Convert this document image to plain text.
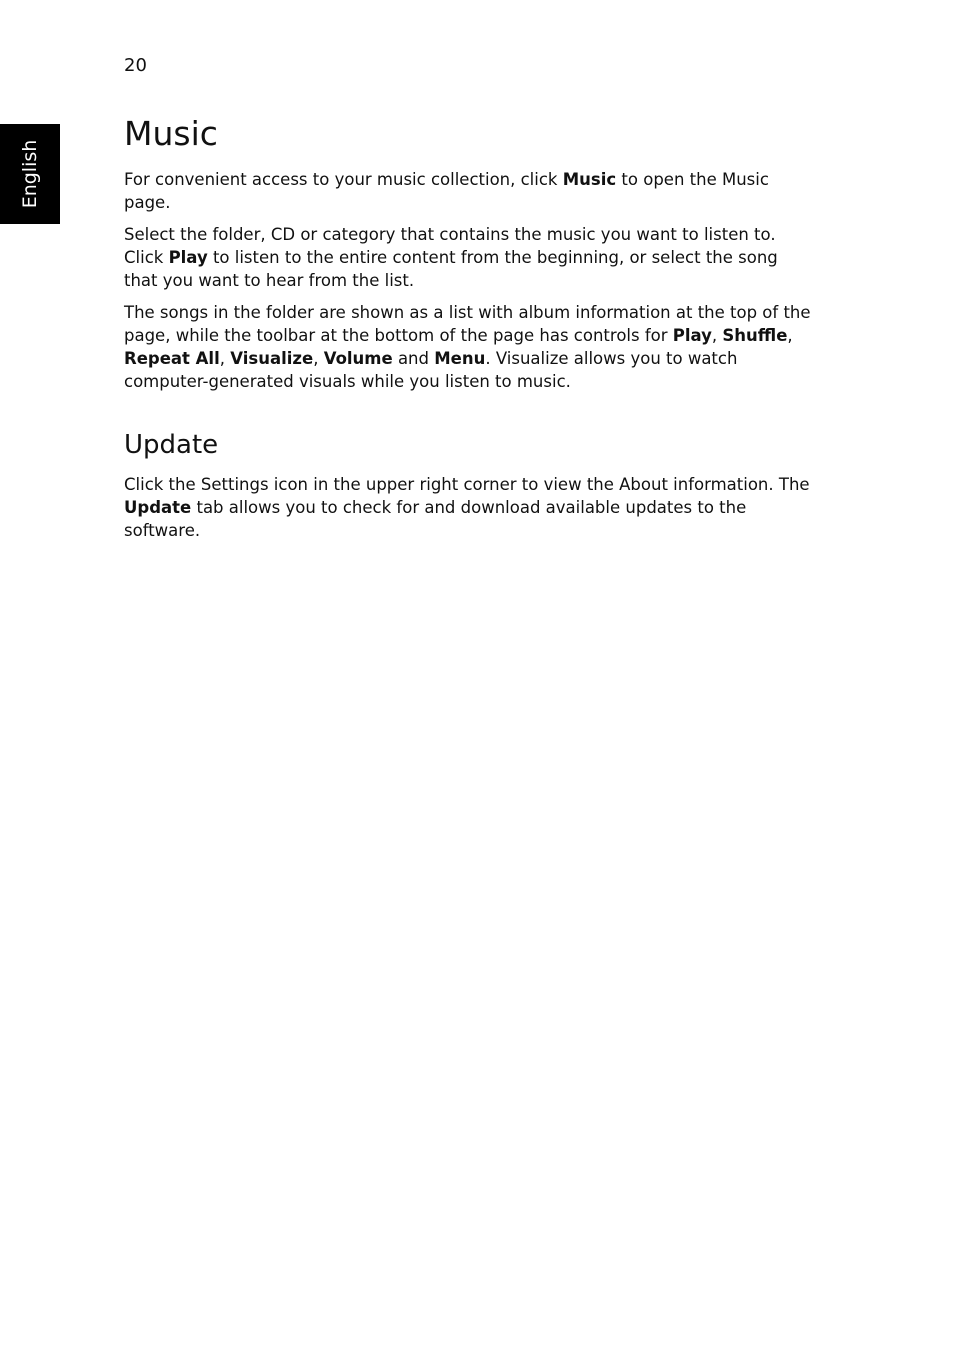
English
20
Music

For convenient access to your music collection, click Music to open the Music page.

Select the folder, CD or category that contains the music you want to listen to. Click Play to listen to the entire content from the beginning, or select the song that you want to hear from the list.

The songs in the folder are shown as a list with album information at the top of the page, while the toolbar at the bottom of the page has controls for Play, Shuffle, Repeat All, Visualize, Volume and Menu. Visualize allows you to watch computer-generated visuals while you listen to music.

Update

Click the Settings icon in the upper right corner to view the About information. The Update tab allows you to check for and download available updates to the software.
